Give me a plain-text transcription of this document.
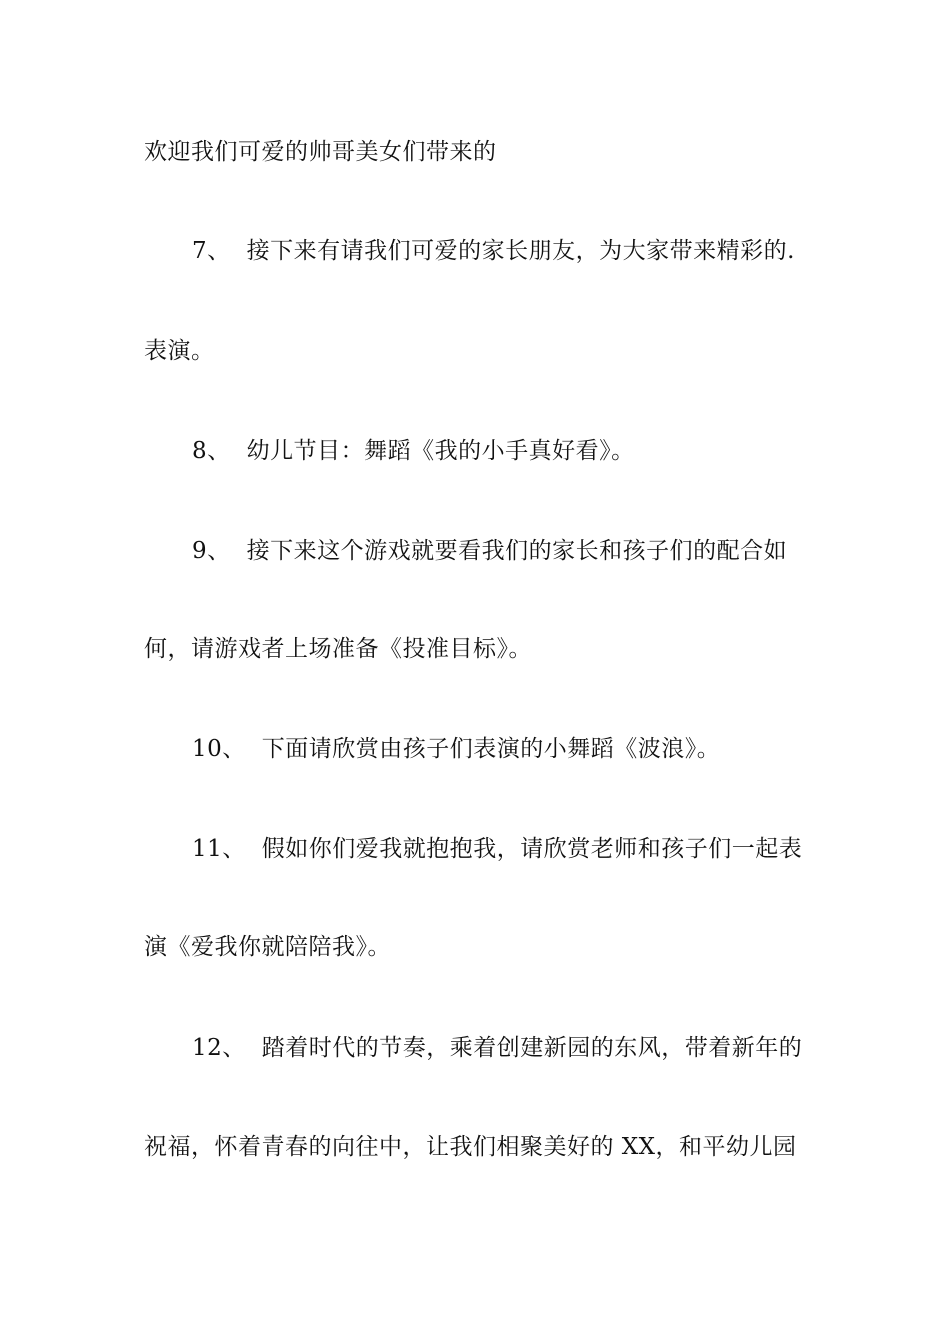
欢迎我们可爱的帅哥美女们带来的
7、 接下来有请我们可爱的家长朋友，为大家带来精彩的.
表演。
8、 幼儿节目：舞蹈《我的小手真好看》。
9、 接下来这个游戏就要看我们的家长和孩子们的配合如
何，请游戏者上场准备《投准目标》。
10、 下面请欣赏由孩子们表演的小舞蹈《波浪》。
11、 假如你们爱我就抱抱我，请欣赏老师和孩子们一起表
演《爱我你就陪陪我》。
12、 踏着时代的节奏，乘着创建新园的东风，带着新年的
祝福，怀着青春的向往中，让我们相聚美好的 XX，和平幼儿园
